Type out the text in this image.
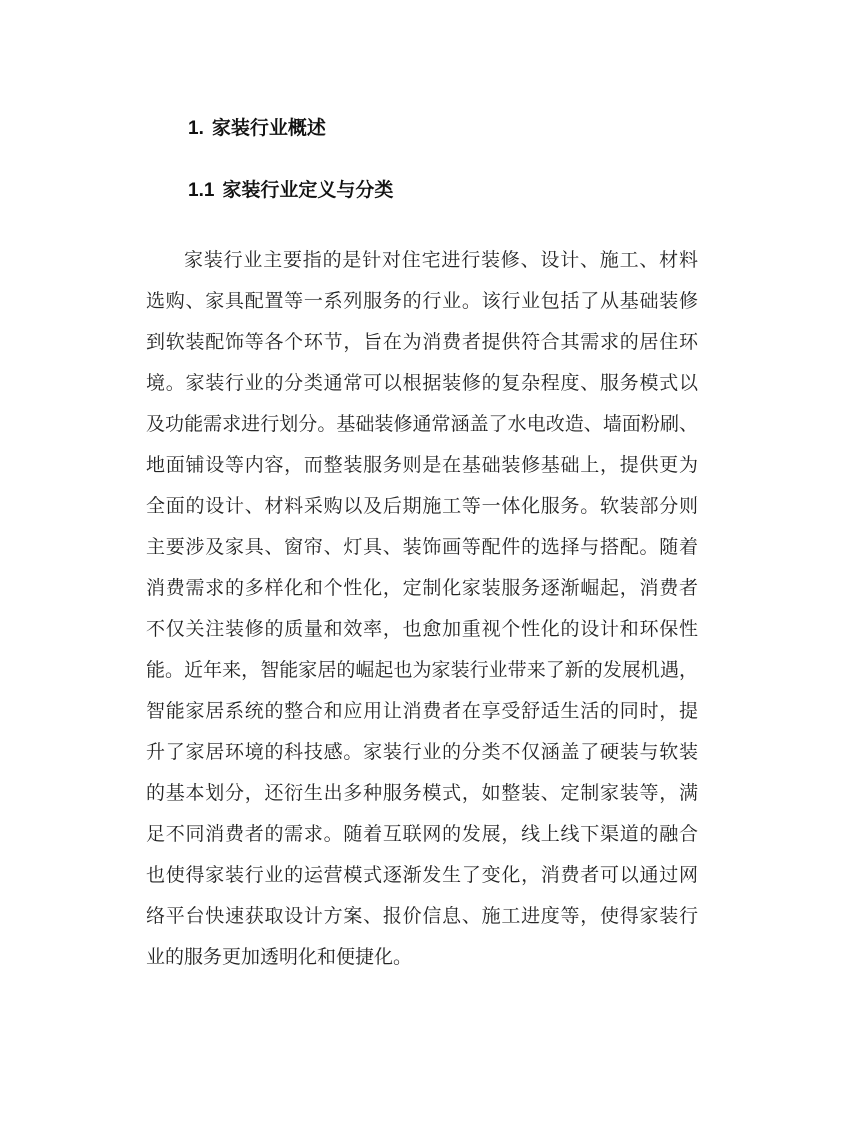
1. 家装行业概述
1.1 家装行业定义与分类
家装行业主要指的是针对住宅进行装修、设计、施工、材料
选购、家具配置等一系列服务的行业。该行业包括了从基础装修
到软装配饰等各个环节，旨在为消费者提供符合其需求的居住环
境。家装行业的分类通常可以根据装修的复杂程度、服务模式以
及功能需求进行划分。基础装修通常涵盖了水电改造、墙面粉刷、
地面铺设等内容，而整装服务则是在基础装修基础上，提供更为
全面的设计、材料采购以及后期施工等一体化服务。软装部分则
主要涉及家具、窗帘、灯具、装饰画等配件的选择与搭配。随着
消费需求的多样化和个性化，定制化家装服务逐渐崛起，消费者
不仅关注装修的质量和效率，也愈加重视个性化的设计和环保性
能。近年来，智能家居的崛起也为家装行业带来了新的发展机遇，
智能家居系统的整合和应用让消费者在享受舒适生活的同时，提
升了家居环境的科技感。家装行业的分类不仅涵盖了硬装与软装
的基本划分，还衍生出多种服务模式，如整装、定制家装等，满
足不同消费者的需求。随着互联网的发展，线上线下渠道的融合
也使得家装行业的运营模式逐渐发生了变化，消费者可以通过网
络平台快速获取设计方案、报价信息、施工进度等，使得家装行
业的服务更加透明化和便捷化。
